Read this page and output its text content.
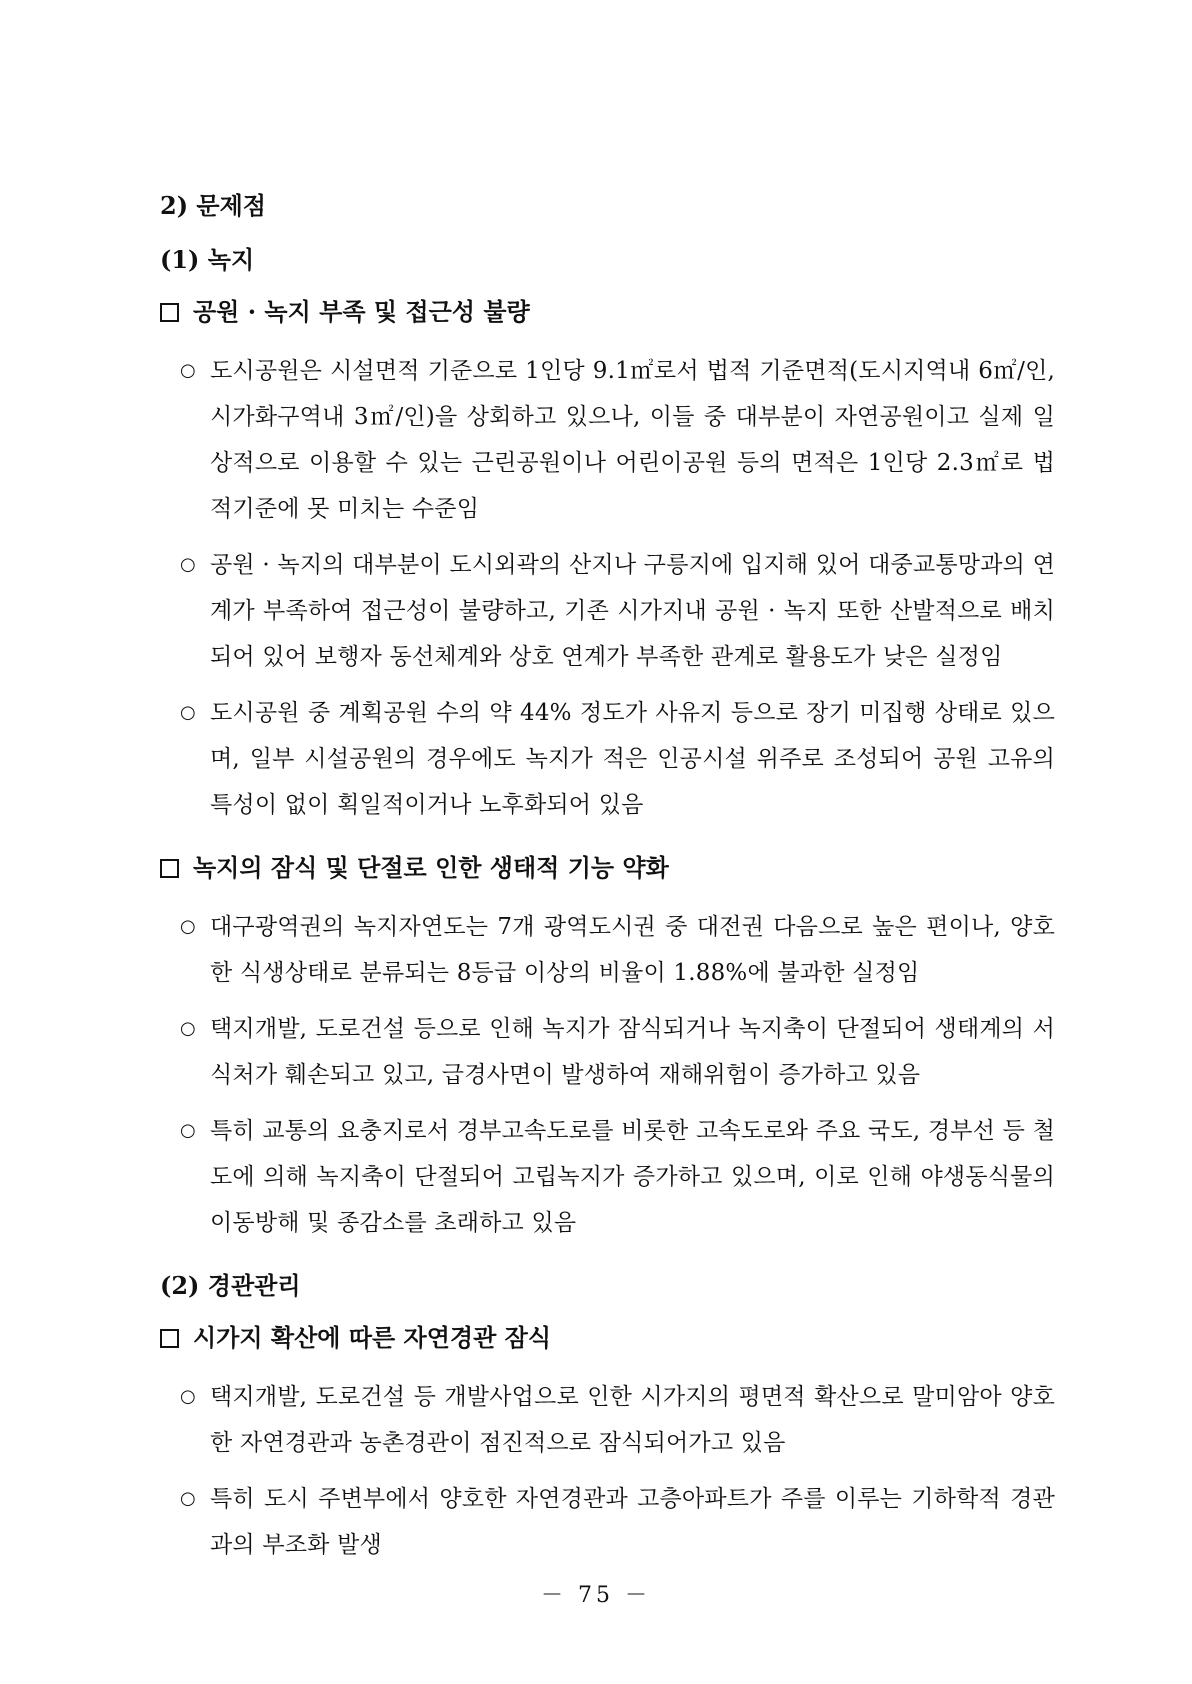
2) 문제점
(1) 녹지
공원 · 녹지 부족 및 접근성 불량
○ 도시공원은 시설면적 기준으로 1인당 9.1㎡로서 법적 기준면적(도시지역내 6㎡/인, 시가화구역내 3㎡/인)을 상회하고 있으나, 이들 중 대부분이 자연공원이고 실제 일상적으로 이용할 수 있는 근린공원이나 어린이공원 등의 면적은 1인당 2.3㎡로 법적기준에 못 미치는 수준임
○ 공원 · 녹지의 대부분이 도시외곽의 산지나 구릉지에 입지해 있어 대중교통망과의 연계가 부족하여 접근성이 불량하고, 기존 시가지내 공원 · 녹지 또한 산발적으로 배치되어 있어 보행자 동선체계와 상호 연계가 부족한 관계로 활용도가 낮은 실정임
○ 도시공원 중 계획공원 수의 약 44% 정도가 사유지 등으로 장기 미집행 상태로 있으며, 일부 시설공원의 경우에도 녹지가 적은 인공시설 위주로 조성되어 공원 고유의 특성이 없이 획일적이거나 노후화되어 있음
녹지의 잠식 및 단절로 인한 생태적 기능 약화
○ 대구광역권의 녹지자연도는 7개 광역도시권 중 대전권 다음으로 높은 편이나, 양호한 식생상태로 분류되는 8등급 이상의 비율이 1.88%에 불과한 실정임
○ 택지개발, 도로건설 등으로 인해 녹지가 잠식되거나 녹지축이 단절되어 생태계의 서식처가 훼손되고 있고, 급경사면이 발생하여 재해위험이 증가하고 있음
○ 특히 교통의 요충지로서 경부고속도로를 비롯한 고속도로와 주요 국도, 경부선 등 철도에 의해 녹지축이 단절되어 고립녹지가 증가하고 있으며, 이로 인해 야생동식물의 이동방해 및 종감소를 초래하고 있음
(2) 경관관리
시가지 확산에 따른 자연경관 잠식
○ 택지개발, 도로건설 등 개발사업으로 인한 시가지의 평면적 확산으로 말미암아 양호한 자연경관과 농촌경관이 점진적으로 잠식되어가고 있음
○ 특히 도시 주변부에서 양호한 자연경관과 고층아파트가 주를 이루는 기하학적 경관과의 부조화 발생
－ 75 －
